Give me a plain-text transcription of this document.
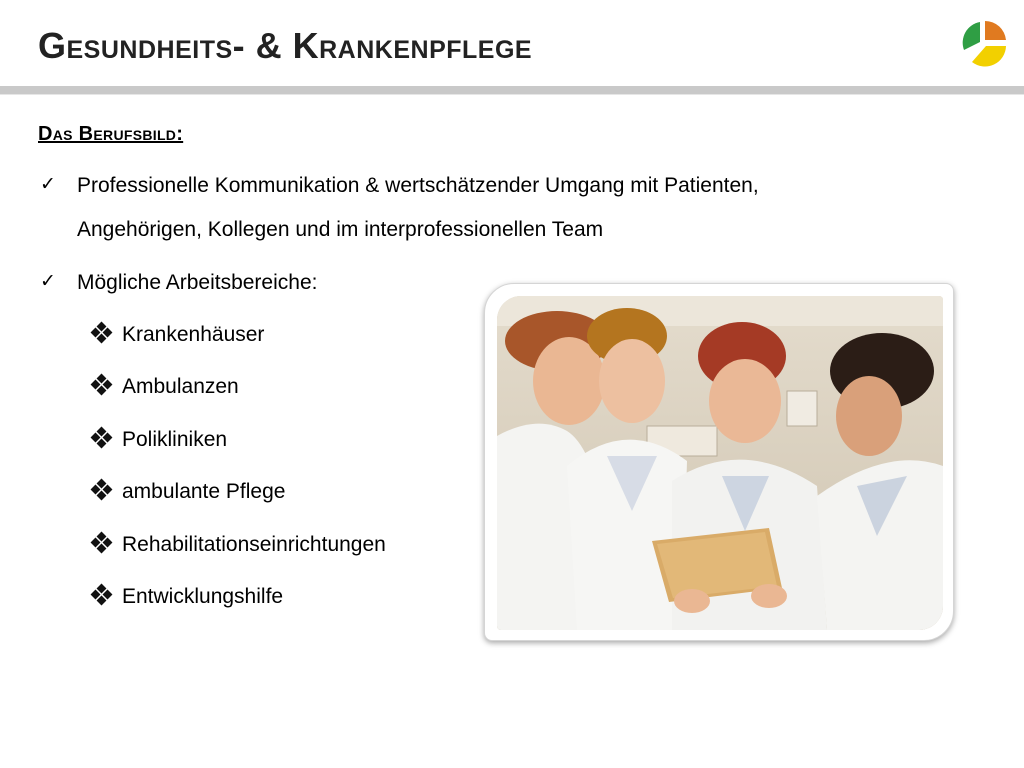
Gesundheits- & Krankenpflege
Das Berufsbild:
✓ Professionelle Kommunikation & wertschätzender Umgang mit Patienten,
Angehörigen, Kollegen und im interprofessionellen Team
✓ Mögliche Arbeitsbereiche:
Krankenhäuser
Ambulanzen
Polikliniken
ambulante Pflege
Rehabilitationseinrichtungen
Entwicklungshilfe
